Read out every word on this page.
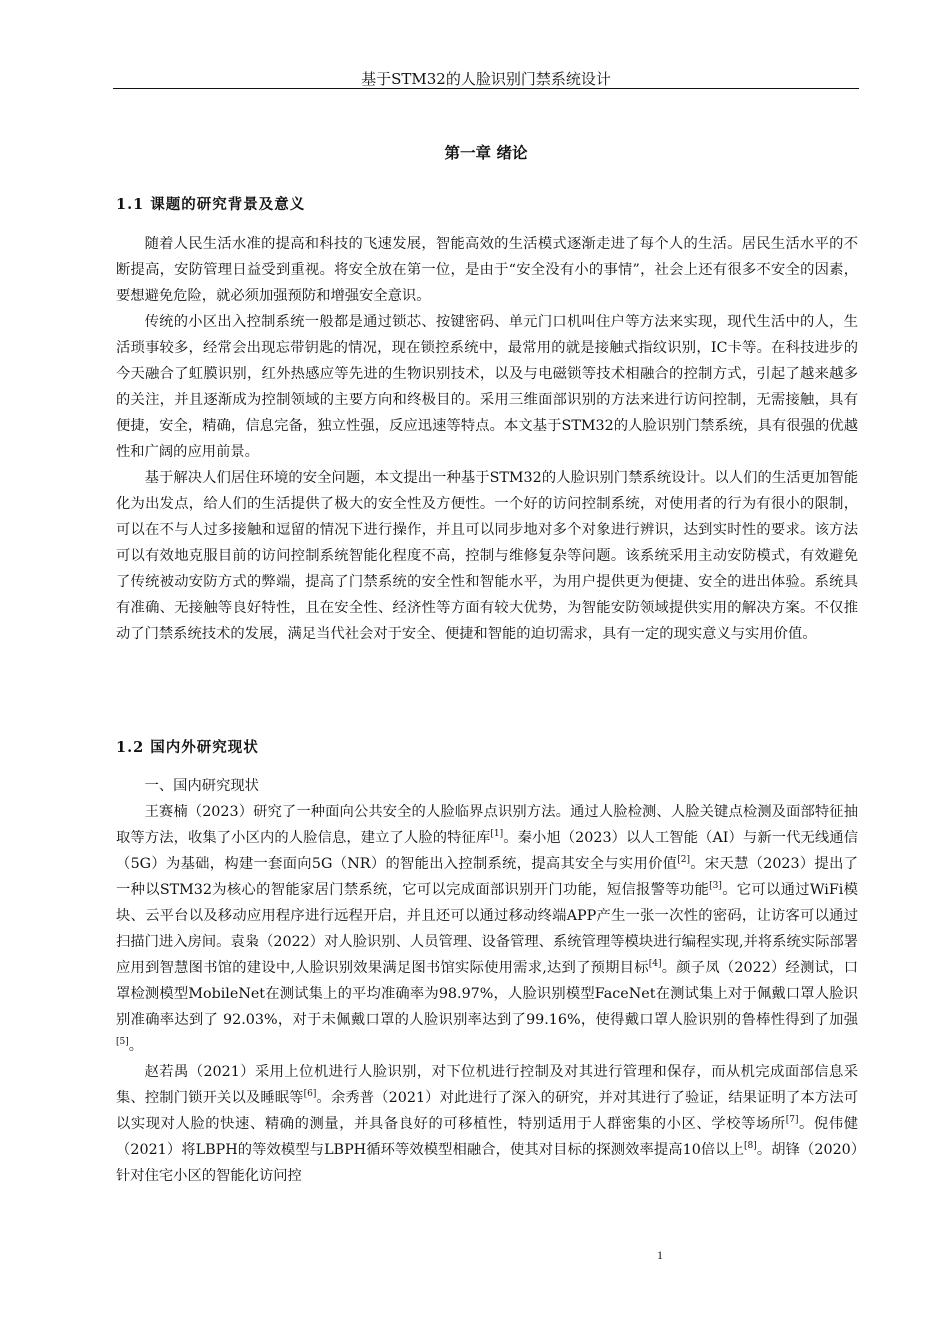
基于STM32的人脸识别门禁系统设计
第一章 绪论
1.1 课题的研究背景及意义

随着人民生活水准的提高和科技的飞速发展，智能高效的生活模式逐渐走进了每个人的生活。居民生活水平的不断提高，安防管理日益受到重视。将安全放在第一位，是由于“安全没有小的事情”，社会上还有很多不安全的因素，要想避免危险，就必须加强预防和增强安全意识。

传统的小区出入控制系统一般都是通过锁芯、按键密码、单元门口机叫住户等方法来实现，现代生活中的人，生活琐事较多，经常会出现忘带钥匙的情况，现在锁控系统中，最常用的就是接触式指纹识别，IC卡等。在科技进步的今天融合了虹膜识别，红外热感应等先进的生物识别技术，以及与电磁锁等技术相融合的控制方式，引起了越来越多的关注，并且逐渐成为控制领域的主要方向和终极目的。采用三维面部识别的方法来进行访问控制，无需接触，具有便捷，安全，精确，信息完备，独立性强，反应迅速等特点。本文基于STM32的人脸识别门禁系统，具有很强的优越性和广阔的应用前景。

基于解决人们居住环境的安全问题，本文提出一种基于STM32的人脸识别门禁系统设计。以人们的生活更加智能化为出发点，给人们的生活提供了极大的安全性及方便性。一个好的访问控制系统，对使用者的行为有很小的限制，可以在不与人过多接触和逗留的情况下进行操作，并且可以同步地对多个对象进行辨识，达到实时性的要求。该方法可以有效地克服目前的访问控制系统智能化程度不高，控制与维修复杂等问题。该系统采用主动安防模式，有效避免了传统被动安防方式的弊端，提高了门禁系统的安全性和智能水平，为用户提供更为便捷、安全的进出体验。系统具有准确、无接触等良好特性，且在安全性、经济性等方面有较大优势，为智能安防领域提供实用的解决方案。不仅推动了门禁系统技术的发展，满足当代社会对于安全、便捷和智能的迫切需求，具有一定的现实意义与实用价值。

1.2 国内外研究现状

一、国内研究现状

王赛楠（2023）研究了一种面向公共安全的人脸临界点识别方法。通过人脸检测、人脸关键点检测及面部特征抽取等方法，收集了小区内的人脸信息，建立了人脸的特征库[1]。秦小旭（2023）以人工智能（AI）与新一代无线通信（5G）为基础，构建一套面向5G（NR）的智能出入控制系统，提高其安全与实用价值[2]。宋天慧（2023）提出了一种以STM32为核心的智能家居门禁系统，它可以完成面部识别开门功能，短信报警等功能[3]。它可以通过WiFi模块、云平台以及移动应用程序进行远程开启，并且还可以通过移动终端APP产生一张一次性的密码，让访客可以通过扫描门进入房间。袁枭（2022）对人脸识别、人员管理、设备管理、系统管理等模块进行编程实现,并将系统实际部署应用到智慧图书馆的建设中,人脸识别效果满足图书馆实际使用需求,达到了预期目标[4]。颜子凤（2022）经测试，口罩检测模型MobileNet在测试集上的平均准确率为98.97%，人脸识别模型FaceNet在测试集上对于佩戴口罩人脸识别准确率达到了 92.03%，对于未佩戴口罩的人脸识别率达到了99.16%，使得戴口罩人脸识别的鲁棒性得到了加强[5]。

赵若禺（2021）采用上位机进行人脸识别，对下位机进行控制及对其进行管理和保存，而从机完成面部信息采集、控制门锁开关以及睡眠等[6]。余秀普（2021）对此进行了深入的研究，并对其进行了验证，结果证明了本方法可以实现对人脸的快速、精确的测量，并具备良好的可移植性，特别适用于人群密集的小区、学校等场所[7]。倪伟健（2021）将LBPH的等效模型与LBPH循环等效模型相融合，使其对目标的探测效率提高10倍以上[8]。胡锋（2020）针对住宅小区的智能化访问控

1
